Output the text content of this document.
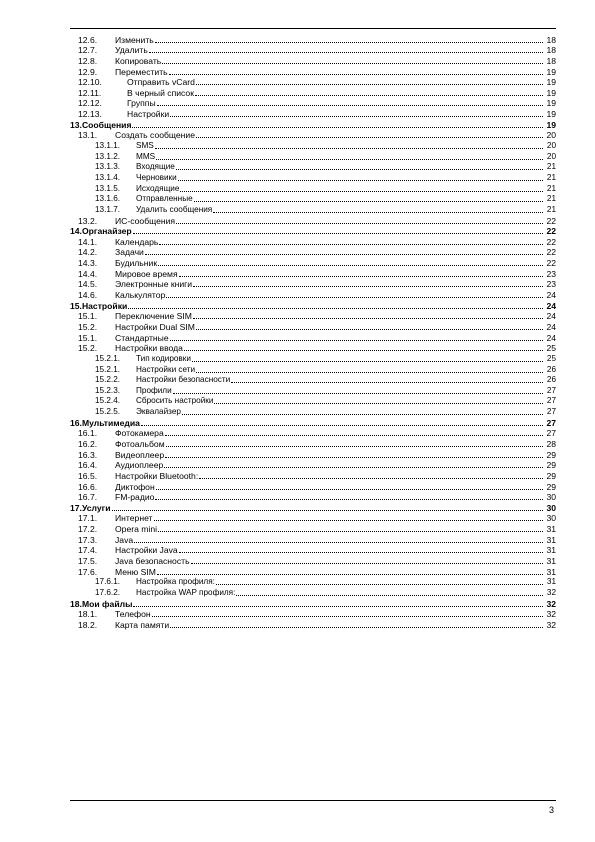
12.6.	Изменить	18
12.7.	Удалить	18
12.8.	Копировать	18
12.9.	Переместить	19
12.10.	Отправить vCard	19
12.11.	В черный список	19
12.12.	Группы	19
12.13.	Настройки	19
13.Сообщения	19
13.1.	Создать сообщение	20
13.1.1.	SMS	20
13.1.2.	MMS	20
13.1.3.	Входящие	21
13.1.4.	Черновики	21
13.1.5.	Исходящие	21
13.1.6.	Отправленные	21
13.1.7.	Удалить сообщения	21
13.2.	ИС-сообщения	22
14.Органайзер	22
14.1.	Календарь	22
14.2.	Задачи	22
14.3.	Будильник	22
14.4.	Мировое время	23
14.5.	Электронные книги	23
14.6.	Калькулятор	24
15.Настройки	24
15.1.	Переключение SIM	24
15.2.	Настройки Dual SIM	24
15.1.	Стандартные	24
15.2.	Настройки ввода	25
15.2.1.	Тип кодировки	25
15.2.1.	Настройки сети	26
15.2.2.	Настройки безопасности	26
15.2.3.	Профили	27
15.2.4.	Сбросить настройки	27
15.2.5.	Эквалайзер	27
16.Мультимедиа	27
16.1.	Фотокамера	27
16.2.	Фотоальбом	28
16.3.	Видеоплеер	29
16.4.	Аудиоплеер	29
16.5.	Настройки Bluetooth:	29
16.6.	Диктофон	29
16.7.	FM-радио	30
17.Услуги	30
17.1.	Интернет	30
17.2.	Opera mini	31
17.3.	Java	31
17.4.	Настройки Java	31
17.5.	Java безопасность	31
17.6.	Меню SIM	31
17.6.1.	Настройка профиля:	31
17.6.2.	Настройка WAP профиля:	32
18.Мои файлы	32
18.1.	Телефон	32
18.2.	Карта памяти	32
3
